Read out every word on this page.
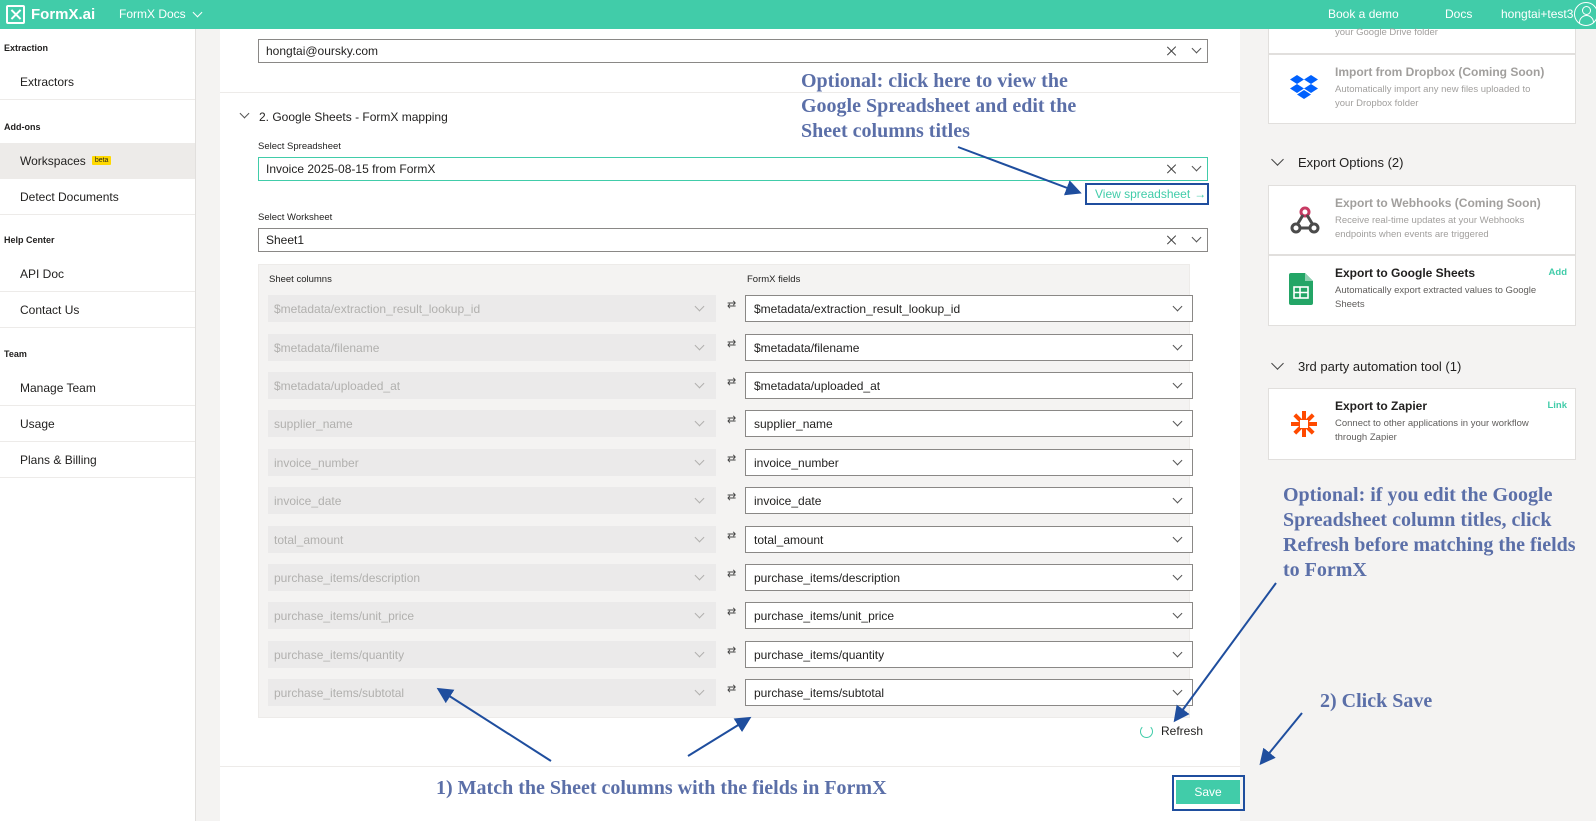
FormX.ai FormX Docs	Book a demo	Docs hongtai+test3
Extraction
Extractors
Add-ons
Workspaces	beta
Detect Documents
Help Center
API Doc
Contact Us
Team
Manage Team
Usage
Plans & Billing
hongtai@oursky.com
2. Google Sheets - FormX mapping
Select Spreadsheet
Invoice 2025-08-15 from FormX
View spreadsheet →
Select Worksheet
Sheet1
Sheet columns	FormX fields
$metadata/extraction_result_lookup_id	⇄ $metadata/extraction_result_lookup_id
$metadata/filename	⇄ $metadata/filename
$metadata/uploaded_at	⇄ $metadata/uploaded_at
supplier_name	⇄ supplier_name
invoice_number	⇄ invoice_number
invoice_date	⇄ invoice_date
total_amount	⇄ total_amount
purchase_items/description	⇄ purchase_items/description
purchase_items/unit_price	⇄ purchase_items/unit_price
purchase_items/quantity	⇄ purchase_items/quantity
purchase_items/subtotal	⇄ purchase_items/subtotal
Refresh
Save
your Google Drive folder
Import from Dropbox (Coming Soon)
Automatically import any new files uploaded to your Dropbox folder
Export Options (2)
Export to Webhooks (Coming Soon)
Receive real-time updates at your Webhooks endpoints when events are triggered
Export to Google Sheets
Automatically export extracted values to Google Sheets
Add
3rd party automation tool (1)
Export to Zapier
Connect to other applications in your workflow through Zapier
Link
Optional: click here to view the Google Spreadsheet and edit the Sheet columns titles
Optional: if you edit the Google Spreadsheet column titles, click Refresh before matching the fields to FormX
2) Click Save
1) Match the Sheet columns with the fields in FormX
